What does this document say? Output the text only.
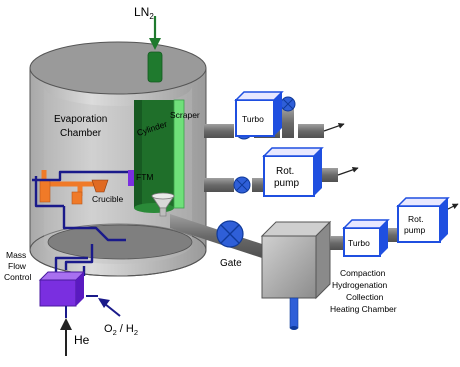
$LN_2$
Evaporation
Chamber	Cylinder
Scraper
Crucible
FTM
Turbo
Rot.
pump
Gate
Compaction
Hydrogenation
Collection
Heating Chamber
Turbo
Rot.
pump
Mass
Flow
Control
He
$O_2 / H_2$
